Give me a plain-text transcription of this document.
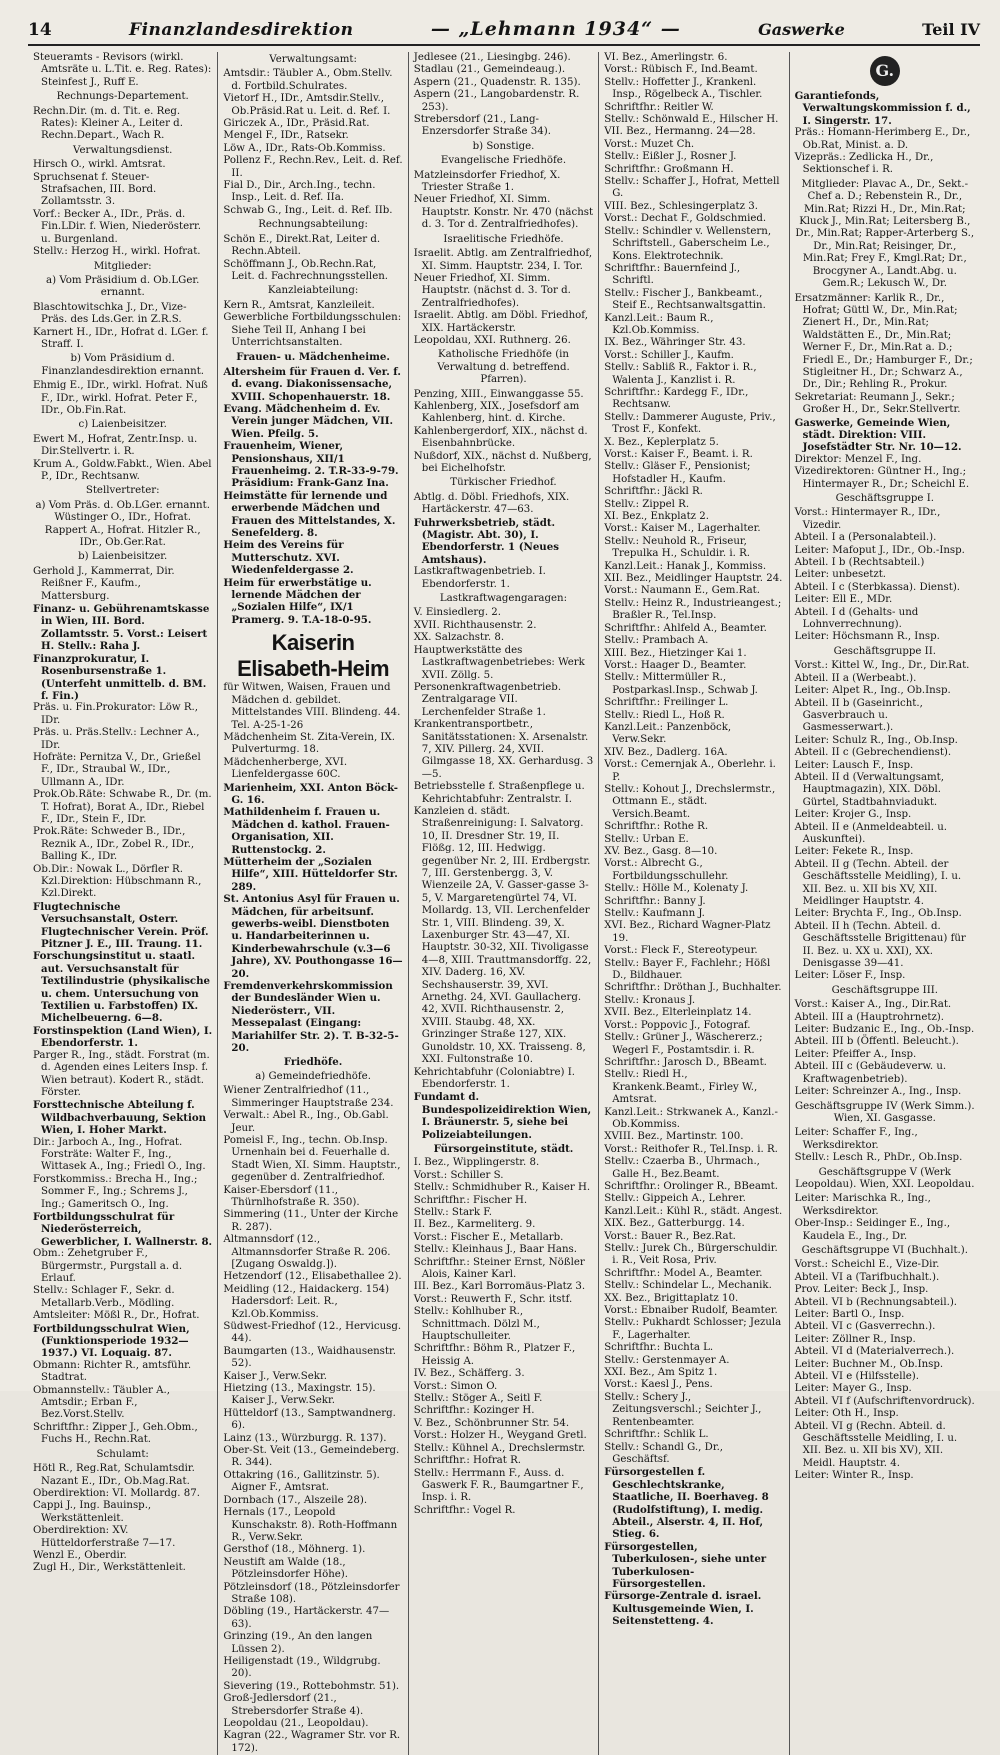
14	Finanzlandesdirektion	— „Lehmann 1934“ —	Gaswerke	Teil IV
Steueramts - Revisors (wirkl. Amtsräte u. L.Tit. e. Reg. Rates): Steinfest J., Ruff E.
Rechnungs-Departement.
Rechn.Dir. (m. d. Tit. e. Reg. Rates): Kleiner A., Leiter d. Rechn.Depart., Wach R.
Verwaltungsdienst.
Hirsch O., wirkl. Amtsrat.
Spruchsenat f. Steuer-Strafsachen, III. Bord. Zollamtsstr. 3.
Vorf.: Becker A., IDr., Präs. d. Fin.LDir. f. Wien, Niederösterr. u. Burgenland.
Stellv.: Herzog H., wirkl. Hofrat.
Mitglieder:
a) Vom Präsidium d. Ob.LGer. ernannt.
Blaschtowitschka J., Dr., Vize-Präs. des Lds.Ger. in Z.R.S.
Karnert H., IDr., Hofrat d. LGer. f. Straff. I.
b) Vom Präsidium d. Finanzlandesdirektion ernannt.
Ehmig E., IDr., wirkl. Hofrat. Nuß F., IDr., wirkl. Hofrat. Peter F., IDr., Ob.Fin.Rat.
c) Laienbeisitzer.
Ewert M., Hofrat, Zentr.Insp. u. Dir.Stellvertr. i. R.
Krum A., Goldw.Fabkt., Wien. Abel P., IDr., Rechtsanw.
Stellvertreter:
a) Vom Präs. d. Ob.LGer. ernannt. Wüstinger O., IDr., Hofrat. Rappert A., Hofrat. Hitzler R., IDr., Ob.Ger.Rat.
b) Laienbeisitzer.
Gerhold J., Kammerrat, Dir. Reißner F., Kaufm., Mattersburg.
Finanz- u. Gebührenamtskasse in Wien, III. Bord. Zollamtsstr. 5. Vorst.: Leisert H. Stellv.: Raha J.
Finanzprokuratur, I. Rosenbursenstraße 1. (Unterfeht unmittelb. d. BM. f. Fin.)
Präs. u. Fin.Prokurator: Löw R., IDr.
Präs. u. Präs.Stellv.: Lechner A., IDr.
Hofräte: Pernitza V., Dr., Grießel F., IDr., Straubal W., IDr., Ullmann A., IDr.
Prok.Ob.Räte: Schwabe R., Dr. (m. T. Hofrat), Borat A., IDr., Riebel F., IDr., Stein F., IDr.
Prok.Räte: Schweder B., IDr., Reznik A., IDr., Zobel R., IDr., Balling K., IDr.
Ob.Dir.: Nowak L., Dörfler R. Kzl.Direktion: Hübschmann R., Kzl.Direkt.
Flugtechnische Versuchsanstalt, Osterr. Flugtechnischer Verein. Pröf. Pitzner J. E., III. Traung. 11.
Forschungsinstitut u. staatl. aut. Versuchsanstalt für Textilindustrie (physikalische u. chem. Untersuchung von Textilien u. Farbstoffen) IX. Michelbeuerng. 6—8.
Forstinspektion (Land Wien), I. Ebendorferstr. 1.
Parger R., Ing., städt. Forstrat (m. d. Agenden eines Leiters Insp. f. Wien betraut). Kodert R., städt. Förster.
Forsttechnische Abteilung f. Wildbachverbauung, Sektion Wien, I. Hoher Markt.
Dir.: Jarboch A., Ing., Hofrat. Forsträte: Walter F., Ing., Wittasek A., Ing.; Friedl O., Ing.
Forstkommiss.: Brecha H., Ing.; Sommer F., Ing.; Schrems J., Ing.; Gameritsch O., Ing.
Fortbildungsschulrat für Niederösterreich, Gewerblicher, I. Wallnerstr. 8.
Obm.: Zehetgruber F., Bürgermstr., Purgstall a. d. Erlauf.
Stellv.: Schlager F., Sekr. d. Metallarb.Verb., Mödling.
Amtsleiter: Mößl R., Dr., Hofrat.
Fortbildungsschulrat Wien, (Funktionsperiode 1932—1937.) VI. Loquaig. 87.
Obmann: Richter R., amtsführ. Stadtrat.
Obmannstellv.: Täubler A., Amtsdir.; Erban F., Bez.Vorst.Stellv.
Schriftfhr.: Zipper J., Geh.Obm., Fuchs H., Rechn.Rat.
Schulamt:
Hötl R., Reg.Rat, Schulamtsdir. Nazant E., IDr., Ob.Mag.Rat.
Oberdirektion: VI. Mollardg. 87.
Cappi J., Ing. Bauinsp., Werkstättenleit.
Oberdirektion: XV. Hütteldorferstraße 7—17.
Wenzl E., Oberdir.
Zugl H., Dir., Werkstättenleit.
Verwaltungsamt:
Amtsdir.: Täubler A., Obm.Stellv. d. Fortbild.Schulrates.
Vietorf H., IDr., Amtsdir.Stellv., Ob.Präsid.Rat u. Leit. d. Ref. I.
Giriczek A., IDr., Präsid.Rat.
Mengel F., IDr., Ratsekr.
Löw A., IDr., Rats-Ob.Kommiss.
Pollenz F., Rechn.Rev., Leit. d. Ref. II.
Fial D., Dir., Arch.Ing., techn. Insp., Leit. d. Ref. IIa.
Schwab G., Ing., Leit. d. Ref. IIb.
Rechnungsabteilung:
Schön E., Direkt.Rat, Leiter d. Rechn.Abteil.
Schöffmann J., Ob.Rechn.Rat, Leit. d. Fachrechnungsstellen.
Kanzleiabteilung:
Kern R., Amtsrat, Kanzleileit.
Gewerbliche Fortbildungsschulen: Siehe Teil II, Anhang I bei Unterrichtsanstalten.
Frauen- u. Mädchenheime.
Altersheim für Frauen d. Ver. f. d. evang. Diakonissensache, XVIII. Schopenhauerstr. 18.
Evang. Mädchenheim d. Ev. Verein junger Mädchen, VII. Wien. Pfeilg. 5.
Frauenheim, Wiener, Pensionshaus, XII/1 Frauenheimg. 2. T.R-33-9-79. Präsidium: Frank-Ganz Ina.
Heimstätte für lernende und erwerbende Mädchen und Frauen des Mittelstandes, X. Senefelderg. 8.
Heim des Vereins für Mutterschutz. XVI. Wiedenfeldergasse 2.
Heim für erwerbstätige u. lernende Mädchen der „Sozialen Hilfe“, IX/1 Pramerg. 9. T.A-18-0-95.
Kaiserin Elisabeth-Heim
für Witwen, Waisen, Frauen und Mädchen d. gebildet. Mittelstandes VIII. Blindeng. 44. Tel. A-25-1-26
Mädchenheim St. Zita-Verein, IX. Pulverturmg. 18.
Mädchenherberge, XVI. Lienfeldergasse 60C.
Marienheim, XXI. Anton Böck-G. 16.
Mathildenheim f. Frauen u. Mädchen d. kathol. Frauen-Organisation, XII. Ruttenstockg. 2.
Mütterheim der „Sozialen Hilfe“, XIII. Hütteldorfer Str. 289.
St. Antonius Asyl für Frauen u. Mädchen, für arbeitsunf. gewerbs-weibl. Dienstboten u. Handarbeiterinnen u. Kinderbewahrschule (v.3—6 Jahre), XV. Pouthongasse 16—20.
Fremdenverkehrskommission der Bundesländer Wien u. Niederösterr., VII. Messepalast (Eingang: Mariahilfer Str. 2). T. B-32-5-20.
Friedhöfe.
a) Gemeindefriedhöfe.
Wiener Zentralfriedhof (11., Simmeringer Hauptstraße 234.
Verwalt.: Abel R., Ing., Ob.Gabl. Jeur.
Pomeisl F., Ing., techn. Ob.Insp. Urnenhain bei d. Feuerhalle d. Stadt Wien, XI. Simm. Hauptstr., gegenüber d. Zentralfriedhof.
Kaiser-Ebersdorf (11., Thürnlhofstraße R. 350).
Simmering (11., Unter der Kirche R. 287).
Altmannsdorf (12., Altmannsdorfer Straße R. 206. [Zugang Oswaldg.]).
Hetzendorf (12., Elisabethallee 2).
Meidling (12., Haidackerg. 154) Hadersdorf: Leit. R., Kzl.Ob.Kommiss.
Südwest-Friedhof (12., Hervicusg. 44).
Baumgarten (13., Waidhausenstr. 52).
Kaiser J., Verw.Sekr.
Hietzing (13., Maxingstr. 15). Kaiser J., Verw.Sekr.
Hütteldorf (13., Samptwandnerg. 6).
Lainz (13., Würzburgg. R. 137).
Ober-St. Veit (13., Gemeindeberg. R. 344).
Ottakring (16., Gallitzinstr. 5). Aigner F., Amtsrat.
Dornbach (17., Alszeile 28).
Hernals (17., Leopold Kunschakstr. 8). Roth-Hoffmann R., Verw.Sekr.
Gersthof (18., Möhnerg. 1).
Neustift am Walde (18., Pötzleinsdorfer Höhe).
Pötzleinsdorf (18., Pötzleinsdorfer Straße 108).
Döbling (19., Hartäckerstr. 47—63).
Grinzing (19., An den langen Lüssen 2).
Heiligenstadt (19., Wildgrubg. 20).
Sievering (19., Rottebohmstr. 51).
Groß-Jedlersdorf (21., Strebersdorfer Straße 4).
Leopoldau (21., Leopoldau).
Kagran (22., Wagramer Str. vor R. 172).
Jedlesee (21., Liesingbg. 246).
Stadlau (21., Gemeindeaug.).
Aspern (21., Quadenstr. R. 135).
Aspern (21., Langobardenstr. R. 253).
Strebersdorf (21., Lang-Enzersdorfer Straße 34).
b) Sonstige.
Evangelische Friedhöfe.
Matzleinsdorfer Friedhof, X. Triester Straße 1.
Neuer Friedhof, XI. Simm. Hauptstr. Konstr. Nr. 470 (nächst d. 3. Tor d. Zentralfriedhofes).
Israelitische Friedhöfe.
Israelit. Abtlg. am Zentralfriedhof, XI. Simm. Hauptstr. 234, I. Tor.
Neuer Friedhof, XI. Simm. Hauptstr. (nächst d. 3. Tor d. Zentralfriedhofes).
Israelit. Abtlg. am Döbl. Friedhof, XIX. Hartäckerstr.
Leopoldau, XXI. Ruthnerg. 26.
Katholische Friedhöfe (in Verwaltung d. betreffend. Pfarren).
Penzing, XIII., Einwanggasse 55.
Kahlenberg, XIX., Josefsdorf am Kahlenberg, hint. d. Kirche.
Kahlenbergerdorf, XIX., nächst d. Eisenbahnbrücke.
Nußdorf, XIX., nächst d. Nußberg, bei Eichelhofstr.
Türkischer Friedhof.
Abtlg. d. Döbl. Friedhofs, XIX. Hartäckerstr. 47—63.
Fuhrwerksbetrieb, städt. (Magistr. Abt. 30), I. Ebendorferstr. 1 (Neues Amtshaus).
Lastkraftwagenbetrieb. I. Ebendorferstr. 1.
Lastkraftwagengaragen:
V. Einsiedlerg. 2.
XVII. Richthausenstr. 2.
XX. Salzachstr. 8.
Hauptwerkstätte des Lastkraftwagenbetriebes: Werk XVII. Zöllg. 5.
Personenkraftwagenbetrieb. Zentralgarage VII. Lerchenfelder Straße 1.
Krankentransportbetr., Sanitätsstationen: X. Arsenalstr. 7, XIV. Pillerg. 24, XVII. Gilmgasse 18, XX. Gerhardusg. 3—5.
Betriebsstelle f. Straßenpflege u. Kehrichtabfuhr: Zentralstr. I.
Kanzleien d. städt. Straßenreinigung: I. Salvatorg. 10, II. Dresdner Str. 19, II. Flößg. 12, III. Hedwigg. gegenüber Nr. 2, III. Erdbergstr. 7, III. Gerstenbergg. 3, V. Wienzeile 2A, V. Gasser-gasse 3-5, V. Margaretengürtel 74, VI. Mollardg. 13, VII. Lerchenfelder Str. 1, VIII. Blindeng. 39, X. Laxenburger Str. 43—47, XI. Hauptstr. 30-32, XII. Tivoligasse 4—8, XIII. Trauttmansdorffg. 22, XIV. Daderg. 16, XV. Sechshauserstr. 39, XVI. Arnethg. 24, XVI. Gaullacherg. 42, XVII. Richthausenstr. 2, XVIII. Staubg. 48, XX. Grinzinger Straße 127, XIX. Gunoldstr. 10, XX. Traisseng. 8, XXI. Fultonstraße 10.
Kehrichtabfuhr (Coloniabtre) I. Ebendorferstr. 1.
Fundamt d. Bundespolizeidirektion Wien, I. Bräunerstr. 5, siehe bei Polizeiabteilungen.
Fürsorgeinstitute, städt.
I. Bez., Wipplingerstr. 8.
Vorst.: Schiller S.
Stellv.: Schmidhuber R., Kaiser H.
Schriftfhr.: Fischer H.
Stellv.: Stark F.
II. Bez., Karmeliterg. 9.
Vorst.: Fischer E., Metallarb.
Stellv.: Kleinhaus J., Baar Hans.
Schriftfhr.: Steiner Ernst, Nößler Alois, Kainer Karl.
III. Bez., Karl Borromäus-Platz 3.
Vorst.: Reuwerth F., Schr. itstf.
Stellv.: Kohlhuber R., Schnittmach. Dölzl M., Hauptschulleiter.
Schriftfhr.: Böhm R., Platzer F., Heissig A.
IV. Bez., Schäfferg. 3.
Vorst.: Simon O.
Stellv.: Stöger A., Seitl F.
Schriftfhr.: Kozinger H.
V. Bez., Schönbrunner Str. 54.
Vorst.: Holzer H., Weygand Gretl.
Stellv.: Kühnel A., Drechslermstr.
Schriftfhr.: Hofrat R.
Stellv.: Herrmann F., Auss. d. Gaswerk F. R., Baumgartner F., Insp. i. R.
Schriftfhr.: Vogel R.
VI. Bez., Amerlingstr. 6.
Vorst.: Rübisch F., Ind.Beamt.
Stellv.: Hoffetter J., Krankenl. Insp., Rögelbeck A., Tischler.
Schriftfhr.: Reitler W.
Stellv.: Schönwald E., Hilscher H.
VII. Bez., Hermanng. 24—28.
Vorst.: Muzet Ch.
Stellv.: Eißler J., Rosner J.
Schriftfhr.: Großmann H.
Stellv.: Schaffer J., Hofrat, Mettell G.
VIII. Bez., Schlesingerplatz 3.
Vorst.: Dechat F., Goldschmied.
Stellv.: Schindler v. Wellenstern, Schriftstell., Gaberscheim Le., Kons. Elektrotechnik.
Schriftfhr.: Bauernfeind J., Schriftl.
Stellv.: Fischer J., Bankbeamt., Steif E., Rechtsanwaltsgattin.
Kanzl.Leit.: Baum R., Kzl.Ob.Kommiss.
IX. Bez., Währinger Str. 43.
Vorst.: Schiller J., Kaufm.
Stellv.: Sabliß R., Faktor i. R., Walenta J., Kanzlist i. R.
Schriftfhr.: Kardegg F., IDr., Rechtsanw.
Stellv.: Dammerer Auguste, Priv., Trost F., Konfekt.
X. Bez., Keplerplatz 5.
Vorst.: Kaiser F., Beamt. i. R.
Stellv.: Gläser F., Pensionist; Hofstadler H., Kaufm.
Schriftfhr.: Jäckl R.
Stellv.: Zippel R.
XI. Bez., Enkplatz 2.
Vorst.: Kaiser M., Lagerhalter.
Stellv.: Neuhold R., Friseur, Trepulka H., Schuldir. i. R.
Kanzl.Leit.: Hanak J., Kommiss.
XII. Bez., Meidlinger Hauptstr. 24.
Vorst.: Naumann E., Gem.Rat.
Stellv.: Heinz R., Industrieangest.; Braßler R., Tel.Insp.
Schriftfhr.: Ahlfeld A., Beamter.
Stellv.: Prambach A.
XIII. Bez., Hietzinger Kai 1.
Vorst.: Haager D., Beamter.
Stellv.: Mittermüller R., Postparkasl.Insp., Schwab J.
Schriftfhr.: Freilinger L.
Stellv.: Riedl L., Hoß R.
Kanzl.Leit.: Panzenböck, Verw.Sekr.
XIV. Bez., Dadlerg. 16A.
Vorst.: Cemernjak A., Oberlehr. i. P.
Stellv.: Kohout J., Drechslermstr., Ottmann E., städt. Versich.Beamt.
Schriftfhr.: Rothe R.
Stellv.: Urban E.
XV. Bez., Gasg. 8—10.
Vorst.: Albrecht G., Fortbildungsschullehr.
Stellv.: Hölle M., Kolenaty J.
Schriftfhr.: Banny J.
Stellv.: Kaufmann J.
XVI. Bez., Richard Wagner-Platz 19.
Vorst.: Fleck F., Stereotypeur.
Stellv.: Bayer F., Fachlehr.; Hößl D., Bildhauer.
Schriftfhr.: Dröthan J., Buchhalter.
Stellv.: Kronaus J.
XVII. Bez., Elterleinplatz 14.
Vorst.: Poppovic J., Fotograf.
Stellv.: Grüner J., Wäschererz.; Wegerl F., Postamtsdir. i. R.
Schriftfhr.: Jarosch D., BBeamt.
Stellv.: Riedl H., Krankenk.Beamt., Firley W., Amtsrat.
Kanzl.Leit.: Strkwanek A., Kanzl.-Ob.Kommiss.
XVIII. Bez., Martinstr. 100.
Vorst.: Reithofer R., Tel.Insp. i. R.
Stellv.: Czaerba B., Uhrmach., Galle H., Bez.Beamt.
Schriftfhr.: Orolinger R., BBeamt.
Stellv.: Gippeich A., Lehrer.
Kanzl.Leit.: Kühl R., städt. Angest.
XIX. Bez., Gatterburgg. 14.
Vorst.: Bauer R., Bez.Rat.
Stellv.: Jurek Ch., Bürgerschuldir. i. R., Veit Rosa, Priv.
Schriftfhr.: Model A., Beamter.
Stellv.: Schindelar L., Mechanik.
XX. Bez., Brigittaplatz 10.
Vorst.: Ebnaiber Rudolf, Beamter.
Stellv.: Pukhardt Schlosser; Jezula F., Lagerhalter.
Schriftfhr.: Buchta L.
Stellv.: Gerstenmayer A.
XXI. Bez., Am Spitz 1.
Vorst.: Kaesl J., Pens.
Stellv.: Schery J., Zeitungsverschl.; Seichter J., Rentenbeamter.
Schriftfhr.: Schlik L.
Stellv.: Schandl G., Dr., Geschäftsf.
Fürsorgestellen f. Geschlechtskranke, Staatliche, II. Boerhaveg. 8 (Rudolfstiftung), I. medig. Abteil., Alserstr. 4, II. Hof, Stieg. 6.
Fürsorgestellen, Tuberkulosen-, siehe unter Tuberkulosen-Fürsorgestellen.
Fürsorge-Zentrale d. israel. Kultusgemeinde Wien, I. Seitenstetteng. 4.
G.
Garantiefonds, Verwaltungskommission f. d., I. Singerstr. 17.
Präs.: Homann-Herimberg E., Dr., Ob.Rat, Minist. a. D.
Vizepräs.: Zedlicka H., Dr., Sektionschef i. R.
Mitglieder: Plavac A., Dr., Sekt.-Chef a. D.; Rebenstein R., Dr., Min.Rat; Rizzi H., Dr., Min.Rat; Kluck J., Min.Rat; Leitersberg B., Dr., Min.Rat; Rapper-Arterberg S., Dr., Min.Rat; Reisinger, Dr., Min.Rat; Frey F., Kmgl.Rat; Dr., Brocgyner A., Landt.Abg. u. Gem.R.; Lekusch W., Dr.
Ersatzmänner: Karlik R., Dr., Hofrat; Güttl W., Dr., Min.Rat; Zienert H., Dr., Min.Rat; Waldstätten E., Dr., Min.Rat; Werner F., Dr., Min.Rat a. D.; Friedl E., Dr.; Hamburger F., Dr.; Stigleitner H., Dr.; Schwarz A., Dr., Dir.; Rehling R., Prokur.
Sekretariat: Reumann J., Sekr.; Großer H., Dr., Sekr.Stellvertr.
Gaswerke, Gemeinde Wien, städt. Direktion: VIII. Josefstädter Str. Nr. 10—12.
Direktor: Menzel F., Ing.
Vizedirektoren: Güntner H., Ing.; Hintermayer R., Dr.; Scheichl E.
Geschäftsgruppe I.
Vorst.: Hintermayer R., IDr., Vizedir.
Abteil. I a (Personalabteil.).
Leiter: Mafoput J., IDr., Ob.-Insp.
Abteil. I b (Rechtsabteil.)
Leiter: unbesetzt.
Abteil. I c (Sterbkassa). Dienst).
Leiter: Ell E., MDr.
Abteil. I d (Gehalts- und Lohnverrechnung).
Leiter: Höchsmann R., Insp.
Geschäftsgruppe II.
Vorst.: Kittel W., Ing., Dr., Dir.Rat.
Abteil. II a (Werbeabt.).
Leiter: Alpet R., Ing., Ob.Insp.
Abteil. II b (Gaseinricht., Gasverbrauch u. Gasmesserwart.).
Leiter: Schulz R., Ing., Ob.Insp.
Abteil. II c (Gebrechendienst).
Leiter: Lausch F., Insp.
Abteil. II d (Verwaltungsamt, Hauptmagazin), XIX. Döbl. Gürtel, Stadtbahnviadukt.
Leiter: Krojer G., Insp.
Abteil. II e (Anmeldeabteil. u. Auskunftei).
Leiter: Fekete R., Insp.
Abteil. II g (Techn. Abteil. der Geschäftsstelle Meidling), I. u. XII. Bez. u. XII bis XV, XII. Meidlinger Hauptstr. 4.
Leiter: Brychta F., Ing., Ob.Insp.
Abteil. II h (Techn. Abteil. d. Geschäftsstelle Brigittenau) für II. Bez. u. XX u. XXI), XX. Denisgasse 39—41.
Leiter: Löser F., Insp.
Geschäftsgruppe III.
Vorst.: Kaiser A., Ing., Dir.Rat.
Abteil. III a (Hauptrohrnetz).
Leiter: Budzanic E., Ing., Ob.-Insp.
Abteil. III b (Öffentl. Beleucht.).
Leiter: Pfeiffer A., Insp.
Abteil. III c (Gebäudeverw. u. Kraftwagenbetrieb).
Leiter: Schreinzer A., Ing., Insp.
Geschäftsgruppe IV (Werk Simm.). Wien, XI. Gasgasse.
Leiter: Schaffer F., Ing., Werksdirektor.
Stellv.: Lesch R., PhDr., Ob.Insp.
Geschäftsgruppe V (Werk Leopoldau). Wien, XXI. Leopoldau.
Leiter: Marischka R., Ing., Werksdirektor.
Ober-Insp.: Seidinger E., Ing., Kaudela E., Ing., Dr.
Geschäftsgruppe VI (Buchhalt.).
Vorst.: Scheichl E., Vize-Dir.
Abteil. VI a (Tarifbuchhalt.).
Prov. Leiter: Beck J., Insp.
Abteil. VI b (Rechnungsabteil.).
Leiter: Bartl O., Insp.
Abteil. VI c (Gasverrechn.).
Leiter: Zöllner R., Insp.
Abteil. VI d (Materialverrech.).
Leiter: Buchner M., Ob.Insp.
Abteil. VI e (Hilfsstelle).
Leiter: Mayer G., Insp.
Abteil. VI f (Aufschriftenvordruck).
Leiter: Oth H., Insp.
Abteil. VI g (Rechn. Abteil. d. Geschäftsstelle Meidling, I. u. XII. Bez. u. XII bis XV), XII. Meidl. Hauptstr. 4.
Leiter: Winter R., Insp.
